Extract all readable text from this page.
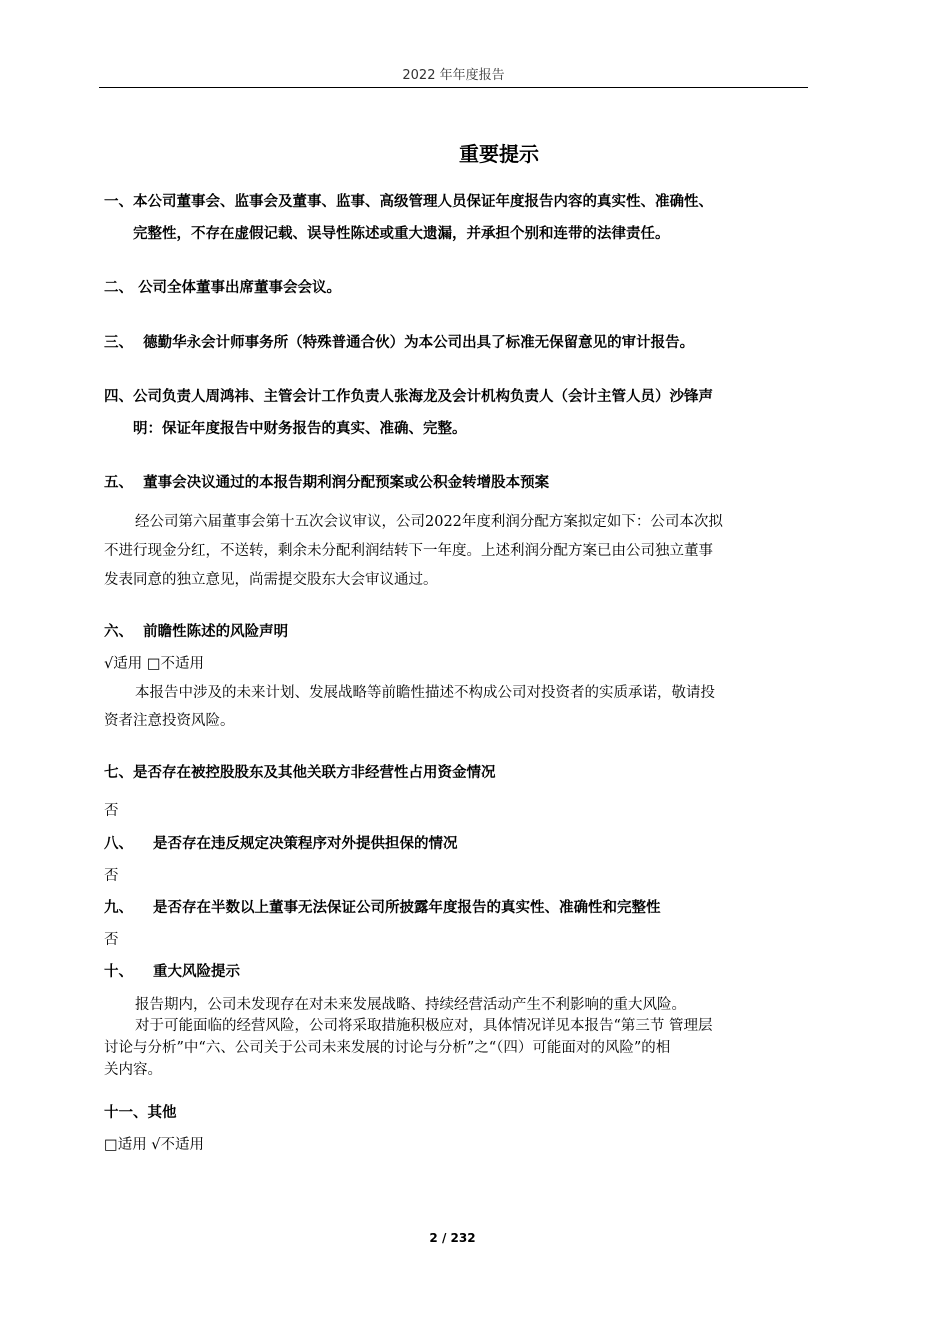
2022 年年度报告
重要提示
一、本公司董事会、监事会及董事、监事、高级管理人员保证年度报告内容的真实性、准确性、
完整性，不存在虚假记载、误导性陈述或重大遗漏，并承担个别和连带的法律责任。
二、 公司全体董事出席董事会会议。
三、 德勤华永会计师事务所（特殊普通合伙）为本公司出具了标准无保留意见的审计报告。
四、公司负责人周鸿祎、主管会计工作负责人张海龙及会计机构负责人（会计主管人员）沙锋声
明：保证年度报告中财务报告的真实、准确、完整。
五、 董事会决议通过的本报告期利润分配预案或公积金转增股本预案
经公司第六届董事会第十五次会议审议，公司2022年度利润分配方案拟定如下：公司本次拟
不进行现金分红，不送转，剩余未分配利润结转下一年度。上述利润分配方案已由公司独立董事
发表同意的独立意见，尚需提交股东大会审议通过。
六、 前瞻性陈述的风险声明
√适用 □不适用
本报告中涉及的未来计划、发展战略等前瞻性描述不构成公司对投资者的实质承诺，敬请投
资者注意投资风险。
七、是否存在被控股股东及其他关联方非经营性占用资金情况
否
八、 是否存在违反规定决策程序对外提供担保的情况
否
九、 是否存在半数以上董事无法保证公司所披露年度报告的真实性、准确性和完整性
否
十、 重大风险提示
报告期内，公司未发现存在对未来发展战略、持续经营活动产生不利影响的重大风险。
对于可能面临的经营风险，公司将采取措施积极应对，具体情况详见本报告“第三节 管理层
讨论与分析”中“六、公司关于公司未来发展的讨论与分析”之“（四）可能面对的风险”的相
关内容。
十一、其他
□适用 √不适用
2 / 232
